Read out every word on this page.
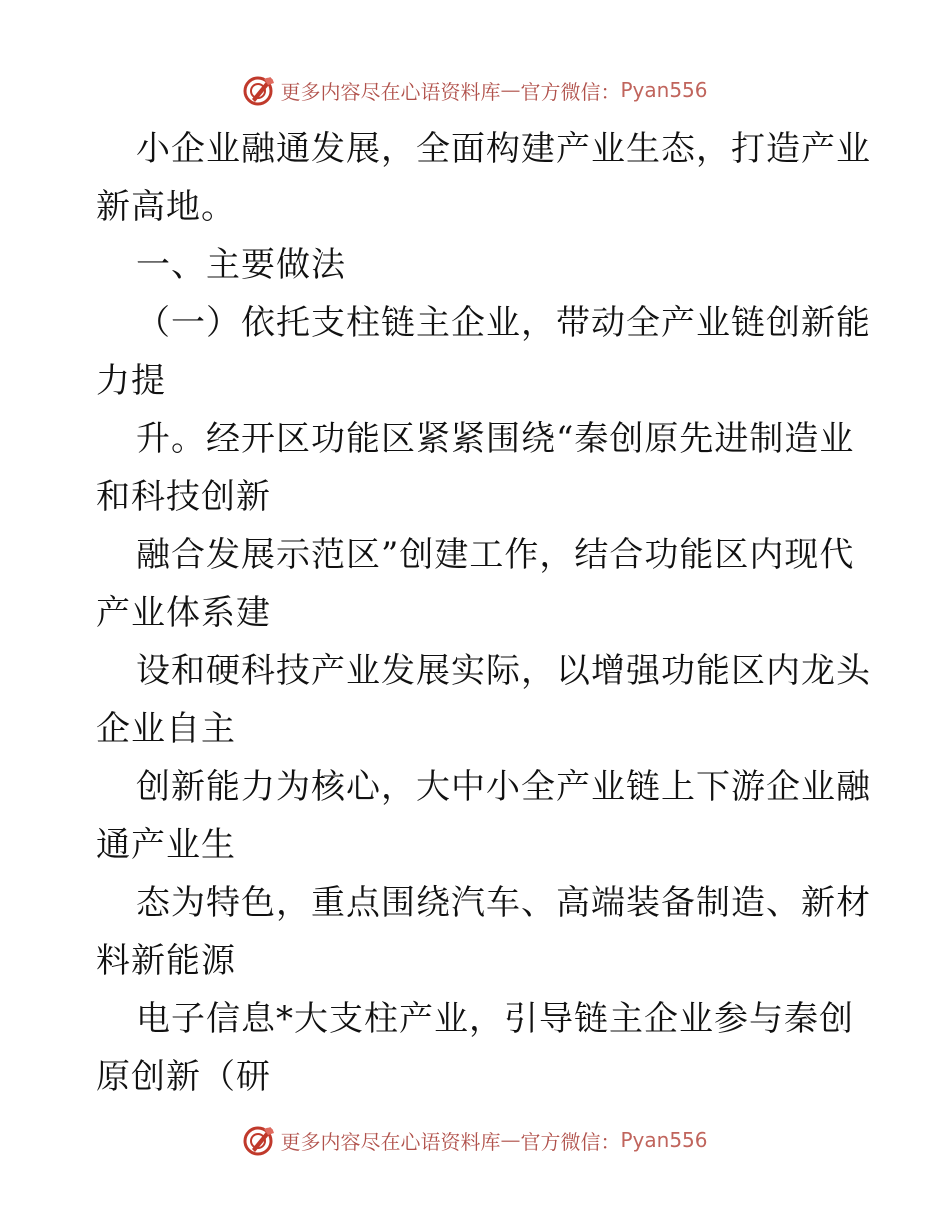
更多内容尽在心语资料库 — 官方微信： Pyan556
小企业融通发展，全面构建产业生态，打造产业
新高地。
一、主要做法
（一）依托支柱链主企业，带动全产业链创新能
力提
升。经开区功能区紧紧围绕“秦创原先进制造业
和科技创新
融合发展示范区”创建工作，结合功能区内现代
产业体系建
设和硬科技产业发展实际，以增强功能区内龙头
企业自主
创新能力为核心，大中小全产业链上下游企业融
通产业生
态为特色，重点围绕汽车、高端装备制造、新材
料新能源
电子信息*大支柱产业，引导链主企业参与秦创
原创新（研
更多内容尽在心语资料库 — 官方微信： Pyan556
